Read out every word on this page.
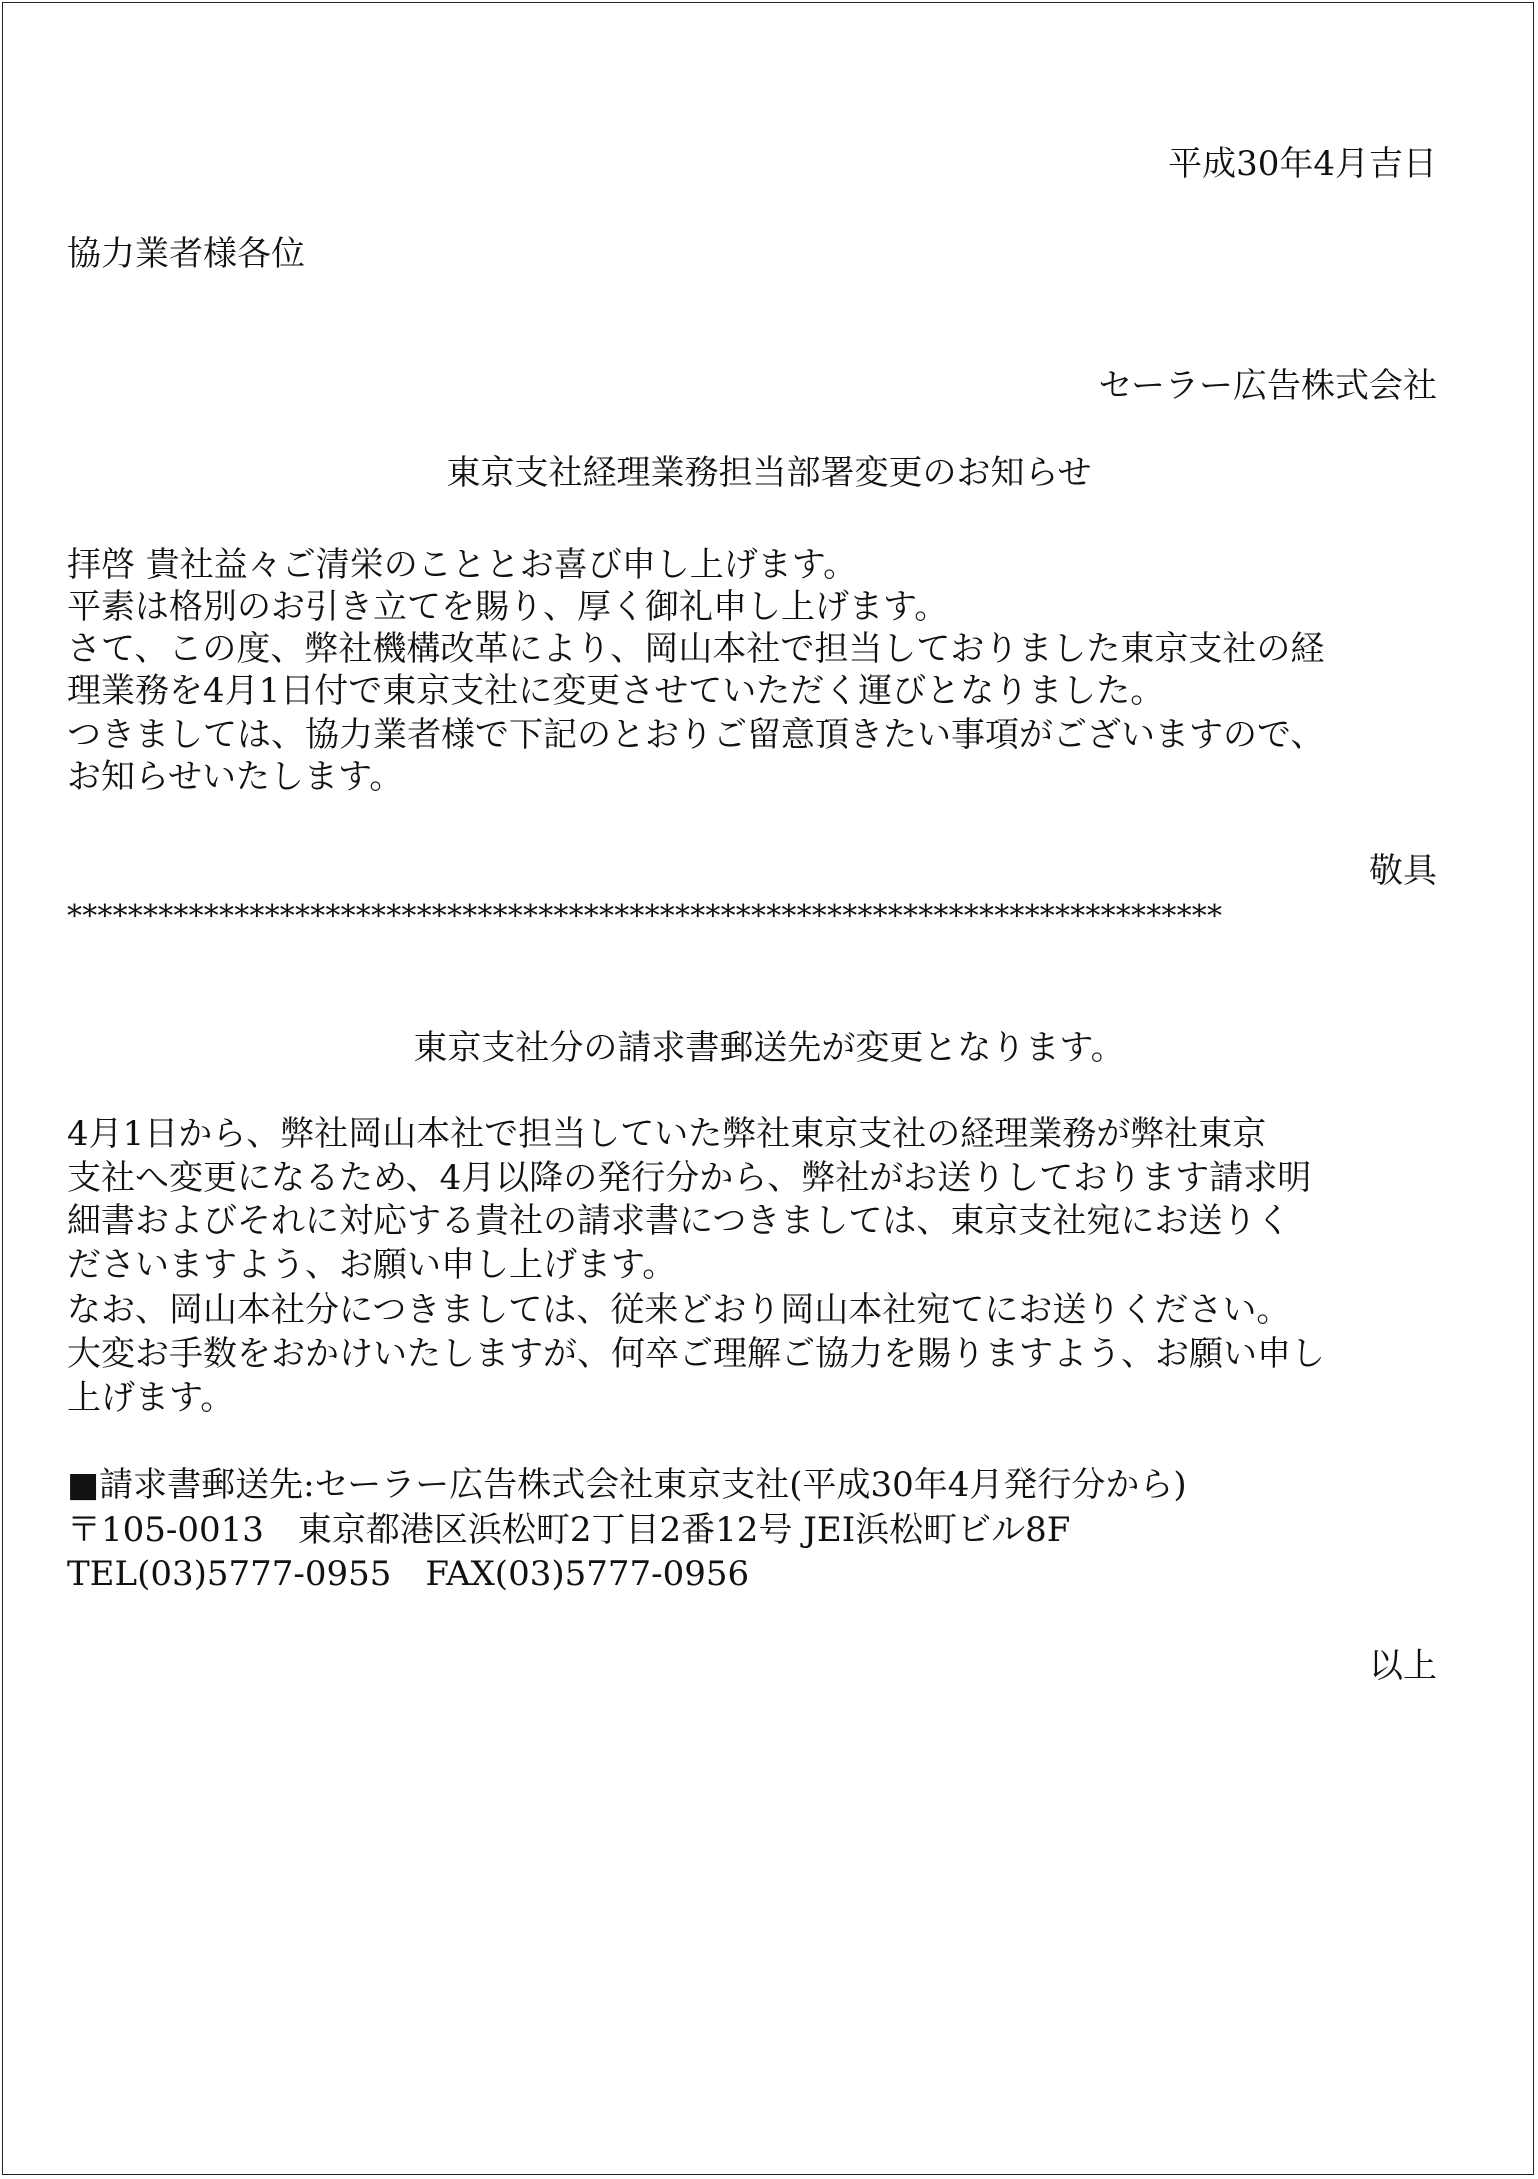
平成30年4月吉日
協力業者様各位
セーラー広告株式会社
東京支社経理業務担当部署変更のお知らせ
拝啓 貴社益々ご清栄のこととお喜び申し上げます。
平素は格別のお引き立てを賜り、厚く御礼申し上げます。
さて、この度、弊社機構改革により、岡山本社で担当しておりました東京支社の経
理業務を4月1日付で東京支社に変更させていただく運びとなりました。
つきましては、協力業者様で下記のとおりご留意頂きたい事項がございますので、
お知らせいたします。
敬具
****************************************************************************
東京支社分の請求書郵送先が変更となります。
4月1日から、弊社岡山本社で担当していた弊社東京支社の経理業務が弊社東京
支社へ変更になるため、4月以降の発行分から、弊社がお送りしております請求明
細書およびそれに対応する貴社の請求書につきましては、東京支社宛にお送りく
ださいますよう、お願い申し上げます。
なお、岡山本社分につきましては、従来どおり岡山本社宛てにお送りください。
大変お手数をおかけいたしますが、何卒ご理解ご協力を賜りますよう、お願い申し
上げます。
■請求書郵送先:セーラー広告株式会社東京支社(平成30年4月発行分から)
〒105-0013　東京都港区浜松町2丁目2番12号 JEI浜松町ビル8F
TEL(03)5777-0955　FAX(03)5777-0956
以上
